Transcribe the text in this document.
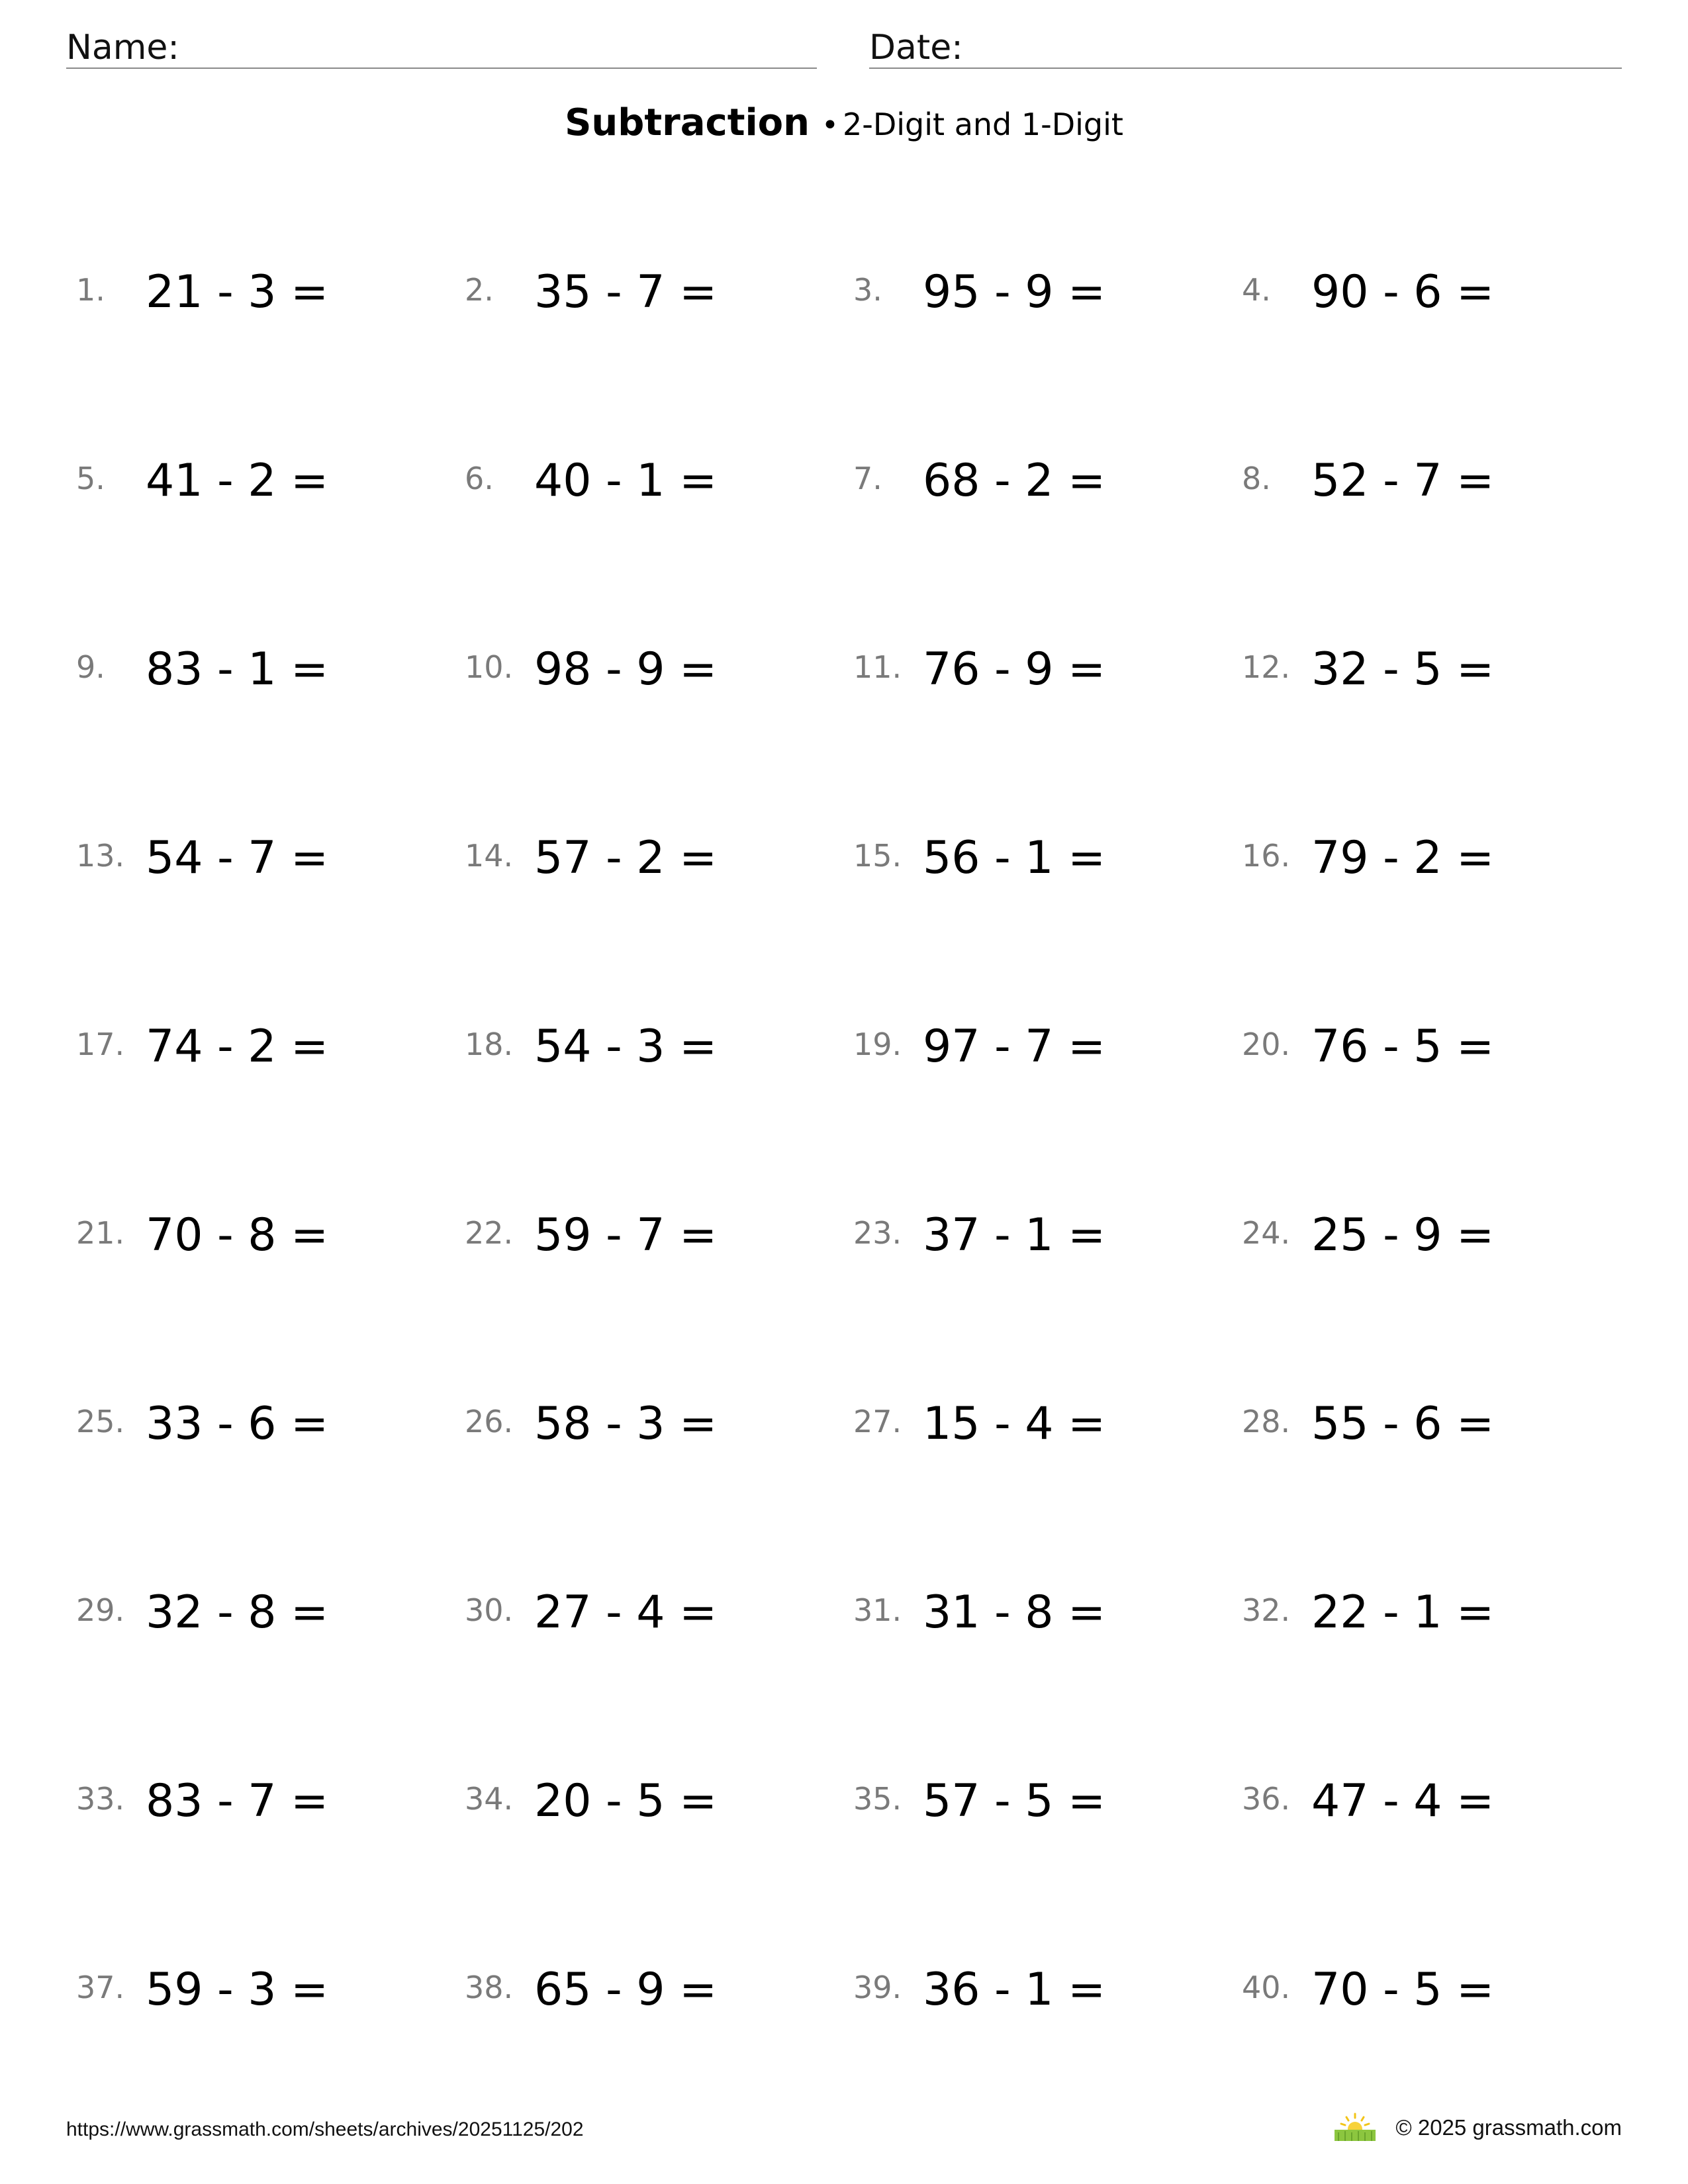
Name:	Date:
Subtraction • 2-Digit and 1-Digit
1. 21 - 3 =	2. 35 - 7 =	3. 95 - 9 =	4. 90 - 6 =
5. 41 - 2 =	6. 40 - 1 =	7. 68 - 2 =	8. 52 - 7 =
9. 83 - 1 =	10. 98 - 9 =	11. 76 - 9 =	12. 32 - 5 =
13. 54 - 7 =	14. 57 - 2 =	15. 56 - 1 =	16. 79 - 2 =
17. 74 - 2 =	18. 54 - 3 =	19. 97 - 7 =	20. 76 - 5 =
21. 70 - 8 =	22. 59 - 7 =	23. 37 - 1 =	24. 25 - 9 =
25. 33 - 6 =	26. 58 - 3 =	27. 15 - 4 =	28. 55 - 6 =
29. 32 - 8 =	30. 27 - 4 =	31. 31 - 8 =	32. 22 - 1 =
33. 83 - 7 =	34. 20 - 5 =	35. 57 - 5 =	36. 47 - 4 =
37. 59 - 3 =	38. 65 - 9 =	39. 36 - 1 =	40. 70 - 5 =
https://www.grassmath.com/sheets/archives/20251125/202	© 2025 grassmath.com
